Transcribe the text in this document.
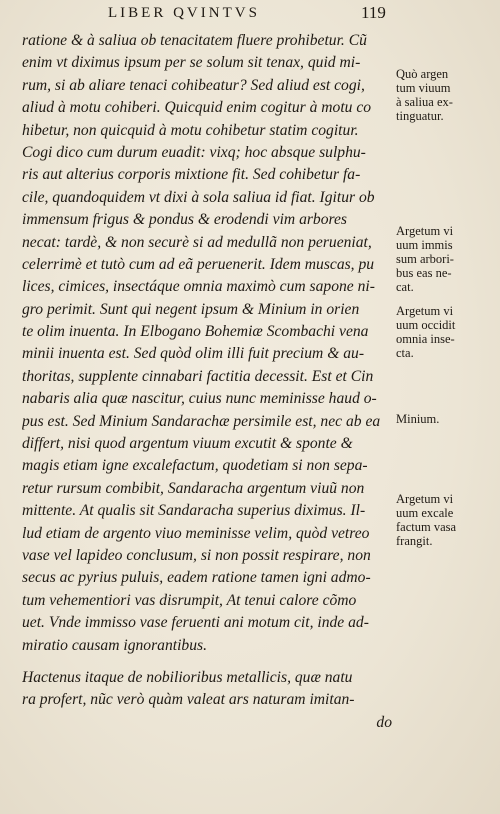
LIBER QVINTVS	119
ratione & à saliua ob tenacitatem fluere prohibetur. Cũ
enim vt diximus ipsum per se solum sit tenax, quid mi-
rum, si ab aliare tenaci cohibeatur? Sed aliud est cogi,
aliud à motu cohiberi. Quicquid enim cogitur à motu co
hibetur, non quicquid à motu cohibetur statim cogitur.
Cogi dico cum durum euadit: vixq; hoc absque sulphu-
ris aut alterius corporis mixtione fit. Sed cohibetur fa-
cile, quandoquidem vt dixi à sola saliua id fiat. Igitur ob
immensum frigus & pondus & erodendi vim arbores
necat: tardè, & non securè si ad medullã non perueniat,
celerrimè et tutò cum ad eã peruenerit. Idem muscas, pu
lices, cimices, insectáque omnia maximò cum sapone ni-
gro perimit. Sunt qui negent ipsum & Minium in orien
te olim inuenta. In Elbogano Bohemiæ Scombachi vena
minii inuenta est. Sed quòd olim illi fuit precium & au-
thoritas, supplente cinnabari factitia decessit. Est et Cin
nabaris alia quæ nascitur, cuius nunc meminisse haud o-
pus est. Sed Minium Sandarachæ persimile est, nec ab ea
differt, nisi quod argentum viuum excutit & sponte &
magis etiam igne excalefactum, quodetiam si non sepa-
retur rursum combibit, Sandaracha argentum viuũ non
mittente. At qualis sit Sandaracha superius diximus. Il-
lud etiam de argento viuo meminisse velim, quòd vetreo
vase vel lapideo conclusum, si non possit respirare, non
secus ac pyrius puluis, eadem ratione tamen igni admo-
tum vehementiori vas disrumpit, At tenui calore cõmo
uet. Vnde immisso vase feruenti ani motum cit, inde ad-
miratio causam ignorantibus.
Hactenus itaque de nobilioribus metallicis, quæ natu
ra profert, nũc verò quàm valeat ars naturam imitan-
do
Quò argen
tum viuum
à saliua ex-
tinguatur.
Argetum vi
uum immis
sum arbori-
bus eas ne-
cat.
Argetum vi
uum occidit
omnia inse-
cta.
Minium.
Argetum vi
uum excale
factum vasa
frangit.
